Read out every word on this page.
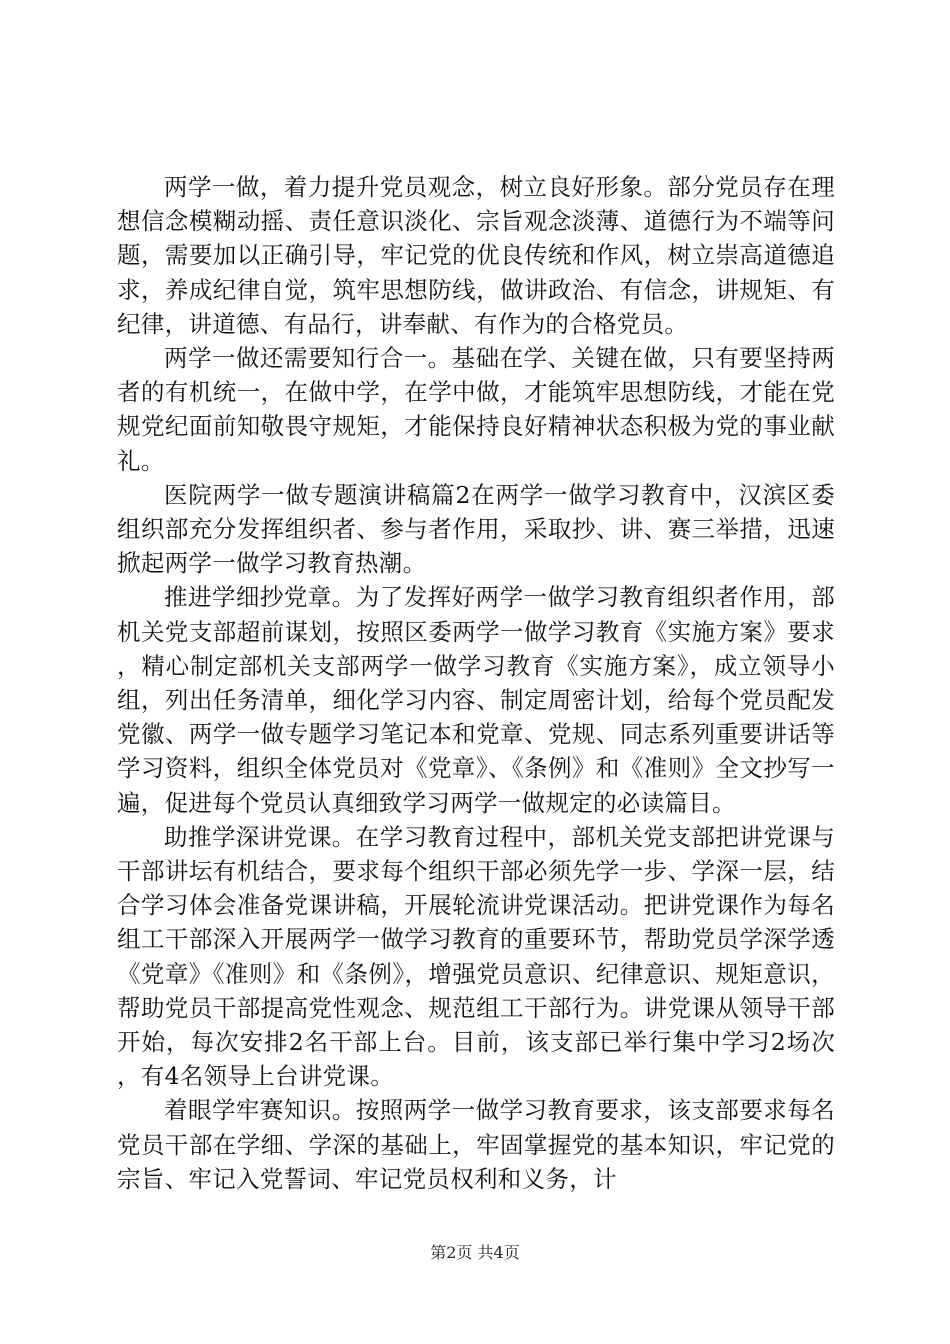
两学一做，着力提升党员观念，树立良好形象。部分党员存在理想信念模糊动摇、责任意识淡化、宗旨观念淡薄、道德行为不端等问题，需要加以正确引导，牢记党的优良传统和作风，树立崇高道德追求，养成纪律自觉，筑牢思想防线，做讲政治、有信念，讲规矩、有纪律，讲道德、有品行，讲奉献、有作为的合格党员。

两学一做还需要知行合一。基础在学、关键在做，只有要坚持两者的有机统一，在做中学，在学中做，才能筑牢思想防线，才能在党规党纪面前知敬畏守规矩，才能保持良好精神状态积极为党的事业献礼。

医院两学一做专题演讲稿篇2在两学一做学习教育中，汉滨区委组织部充分发挥组织者、参与者作用，采取抄、讲、赛三举措，迅速掀起两学一做学习教育热潮。

推进学细抄党章。为了发挥好两学一做学习教育组织者作用，部机关党支部超前谋划，按照区委两学一做学习教育《实施方案》要求，精心制定部机关支部两学一做学习教育《实施方案》，成立领导小组，列出任务清单，细化学习内容、制定周密计划，给每个党员配发党徽、两学一做专题学习笔记本和党章、党规、同志系列重要讲话等学习资料，组织全体党员对《党章》、《条例》和《准则》全文抄写一遍，促进每个党员认真细致学习两学一做规定的必读篇目。

助推学深讲党课。在学习教育过程中，部机关党支部把讲党课与干部讲坛有机结合，要求每个组织干部必须先学一步、学深一层，结合学习体会准备党课讲稿，开展轮流讲党课活动。把讲党课作为每名组工干部深入开展两学一做学习教育的重要环节，帮助党员学深学透《党章》《准则》和《条例》，增强党员意识、纪律意识、规矩意识，帮助党员干部提高党性观念、规范组工干部行为。讲党课从领导干部开始，每次安排2名干部上台。目前，该支部已举行集中学习2场次，有4名领导上台讲党课。

着眼学牢赛知识。按照两学一做学习教育要求，该支部要求每名党员干部在学细、学深的基础上，牢固掌握党的基本知识，牢记党的宗旨、牢记入党誓词、牢记党员权利和义务，计

第2页 共4页
